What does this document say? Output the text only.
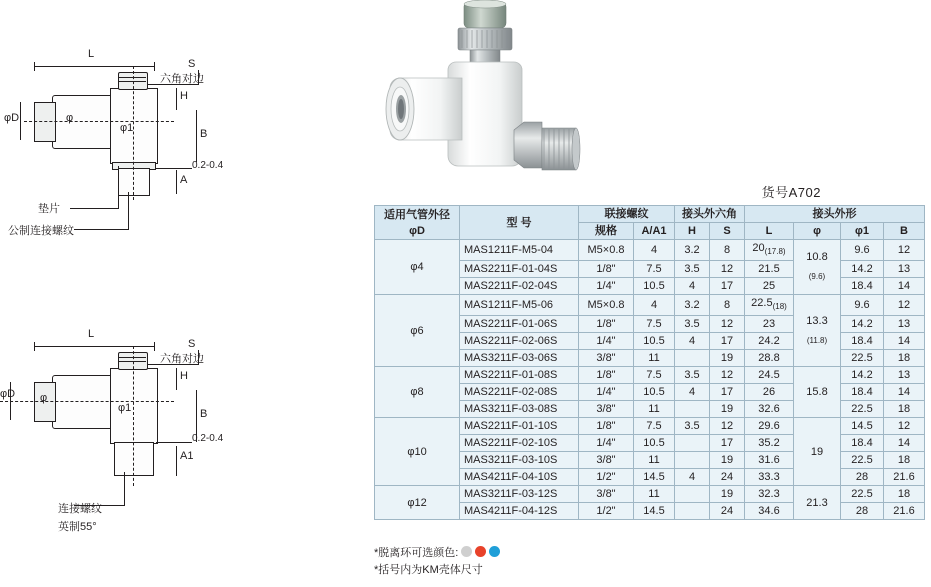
L
S
六角对边
φ
φD
φ1
H
B
A
0.2-0.4
垫片
公制连接螺纹
L
S
六角对边
φ
φD
φ1
H
B
A1
0.2-0.4
连接螺纹
英制55°
货号A702
适用气管外径
φD	型 号	联接螺纹		接头外六角		接头外形			
		规格	A/A1	H	S	L	φ	φ1	B
φ4	MAS1211F-M5-04	M5×0.8	4	3.2	8	$20_{(17.8)}$	10.8
$_{(9.6)}$	9.6	12
	MAS2211F-01-04S	1/8"	7.5	3.5	12	21.5		14.2	13
	MAS2211F-02-04S	1/4"	10.5	4	17	25		18.4	14
φ6	MAS1211F-M5-06	M5×0.8	4	3.2	8	$22.5_{(18)}$	13.3
$_{(11.8)}$	9.6	12
	MAS2211F-01-06S	1/8"	7.5	3.5	12	23		14.2	13
	MAS2211F-02-06S	1/4"	10.5	4	17	24.2		18.4	14
	MAS3211F-03-06S	3/8"	11		19	28.8		22.5	18
φ8	MAS2211F-01-08S	1/8"	7.5	3.5	12	24.5	15.8	14.2	13
	MAS2211F-02-08S	1/4"	10.5	4	17	26		18.4	14
	MAS3211F-03-08S	3/8"	11		19	32.6		22.5	18
φ10	MAS2211F-01-10S	1/8"	7.5	3.5	12	29.6	19	14.5	12
	MAS2211F-02-10S	1/4"	10.5		17	35.2		18.4	14
	MAS3211F-03-10S	3/8"	11		19	31.6		22.5	18
	MAS4211F-04-10S	1/2"	14.5	4	24	33.3		28	21.6
φ12	MAS3211F-03-12S	3/8"	11		19	32.3	21.3	22.5	18
	MAS4211F-04-12S	1/2"	14.5		24	34.6		28	21.6
*脱离环可选颜色:
*括号内为KM壳体尺寸
